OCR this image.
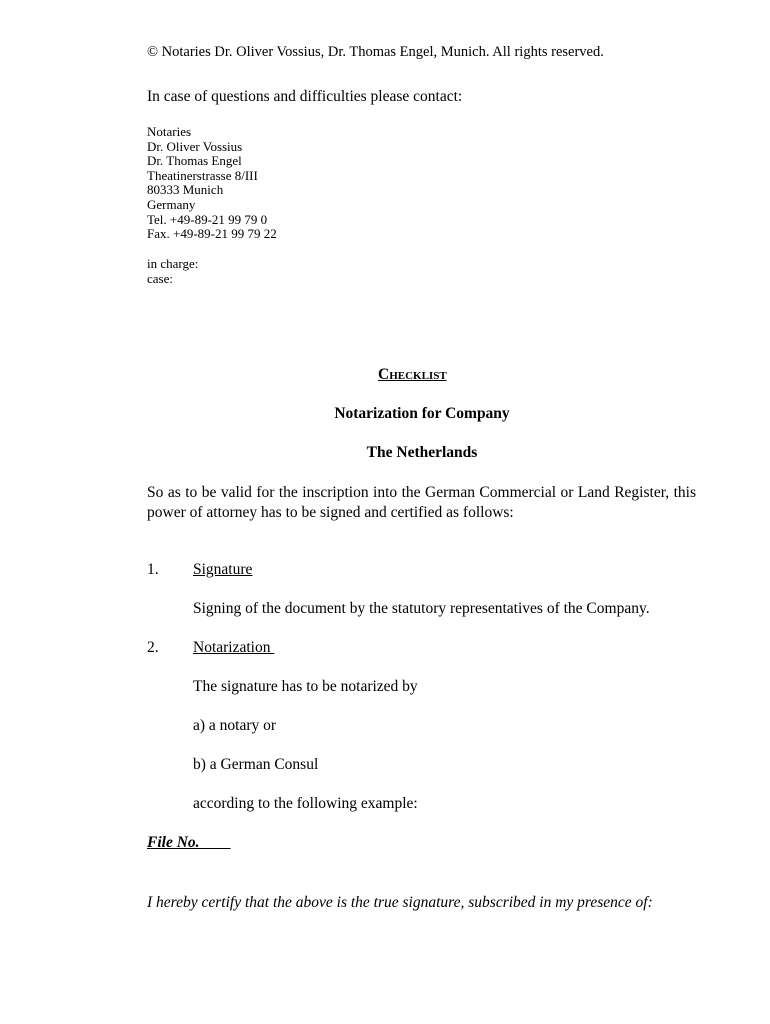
© Notaries Dr. Oliver Vossius, Dr. Thomas Engel, Munich. All rights reserved.
In case of questions and difficulties please contact:
Notaries
Dr. Oliver Vossius
Dr. Thomas Engel
Theatinerstrasse 8/III
80333 Munich
Germany
Tel. +49-89-21 99 79 0
Fax. +49-89-21 99 79 22
in charge:
case:
Checklist
Notarization for Company
The Netherlands
So as to be valid for the inscription into the German Commercial or Land Register, this power of attorney has to be signed and certified as follows:
1. Signature
Signing of the document by the statutory representatives of the Company.
2. Notarization
The signature has to be notarized by
a) a notary or
b) a German Consul
according to the following example:
File No.
I hereby certify that the above is the true signature, subscribed in my presence of:
